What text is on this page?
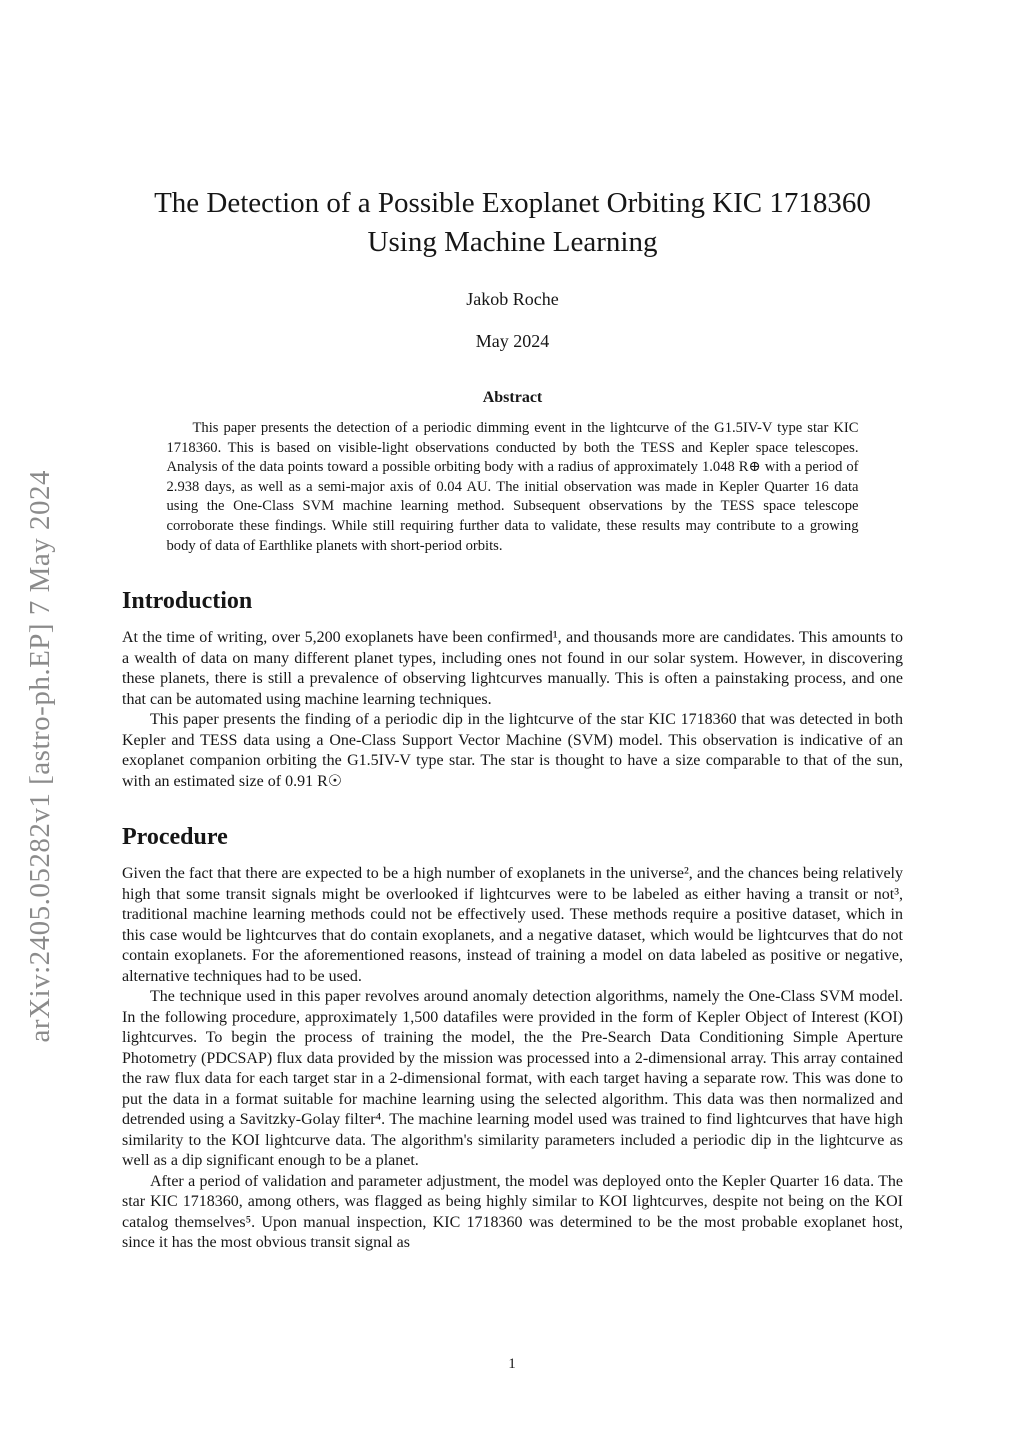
arXiv:2405.05282v1 [astro-ph.EP] 7 May 2024
The Detection of a Possible Exoplanet Orbiting KIC 1718360
Using Machine Learning
Jakob Roche
May 2024
Abstract

This paper presents the detection of a periodic dimming event in the lightcurve of the G1.5IV-V type star KIC 1718360. This is based on visible-light observations conducted by both the TESS and Kepler space telescopes. Analysis of the data points toward a possible orbiting body with a radius of approximately 1.048 R⊕ with a period of 2.938 days, as well as a semi-major axis of 0.04 AU. The initial observation was made in Kepler Quarter 16 data using the One-Class SVM machine learning method. Subsequent observations by the TESS space telescope corroborate these findings. While still requiring further data to validate, these results may contribute to a growing body of data of Earthlike planets with short-period orbits.

Introduction

At the time of writing, over 5,200 exoplanets have been confirmed¹, and thousands more are candidates. This amounts to a wealth of data on many different planet types, including ones not found in our solar system. However, in discovering these planets, there is still a prevalence of observing lightcurves manually. This is often a painstaking process, and one that can be automated using machine learning techniques.

This paper presents the finding of a periodic dip in the lightcurve of the star KIC 1718360 that was detected in both Kepler and TESS data using a One-Class Support Vector Machine (SVM) model. This observation is indicative of an exoplanet companion orbiting the G1.5IV-V type star. The star is thought to have a size comparable to that of the sun, with an estimated size of 0.91 R☉

Procedure

Given the fact that there are expected to be a high number of exoplanets in the universe², and the chances being relatively high that some transit signals might be overlooked if lightcurves were to be labeled as either having a transit or not³, traditional machine learning methods could not be effectively used. These methods require a positive dataset, which in this case would be lightcurves that do contain exoplanets, and a negative dataset, which would be lightcurves that do not contain exoplanets. For the aforementioned reasons, instead of training a model on data labeled as positive or negative, alternative techniques had to be used.

The technique used in this paper revolves around anomaly detection algorithms, namely the One-Class SVM model. In the following procedure, approximately 1,500 datafiles were provided in the form of Kepler Object of Interest (KOI) lightcurves. To begin the process of training the model, the the Pre-Search Data Conditioning Simple Aperture Photometry (PDCSAP) flux data provided by the mission was processed into a 2-dimensional array. This array contained the raw flux data for each target star in a 2-dimensional format, with each target having a separate row. This was done to put the data in a format suitable for machine learning using the selected algorithm. This data was then normalized and detrended using a Savitzky-Golay filter⁴. The machine learning model used was trained to find lightcurves that have high similarity to the KOI lightcurve data. The algorithm's similarity parameters included a periodic dip in the lightcurve as well as a dip significant enough to be a planet.

After a period of validation and parameter adjustment, the model was deployed onto the Kepler Quarter 16 data. The star KIC 1718360, among others, was flagged as being highly similar to KOI lightcurves, despite not being on the KOI catalog themselves⁵. Upon manual inspection, KIC 1718360 was determined to be the most probable exoplanet host, since it has the most obvious transit signal as

1
